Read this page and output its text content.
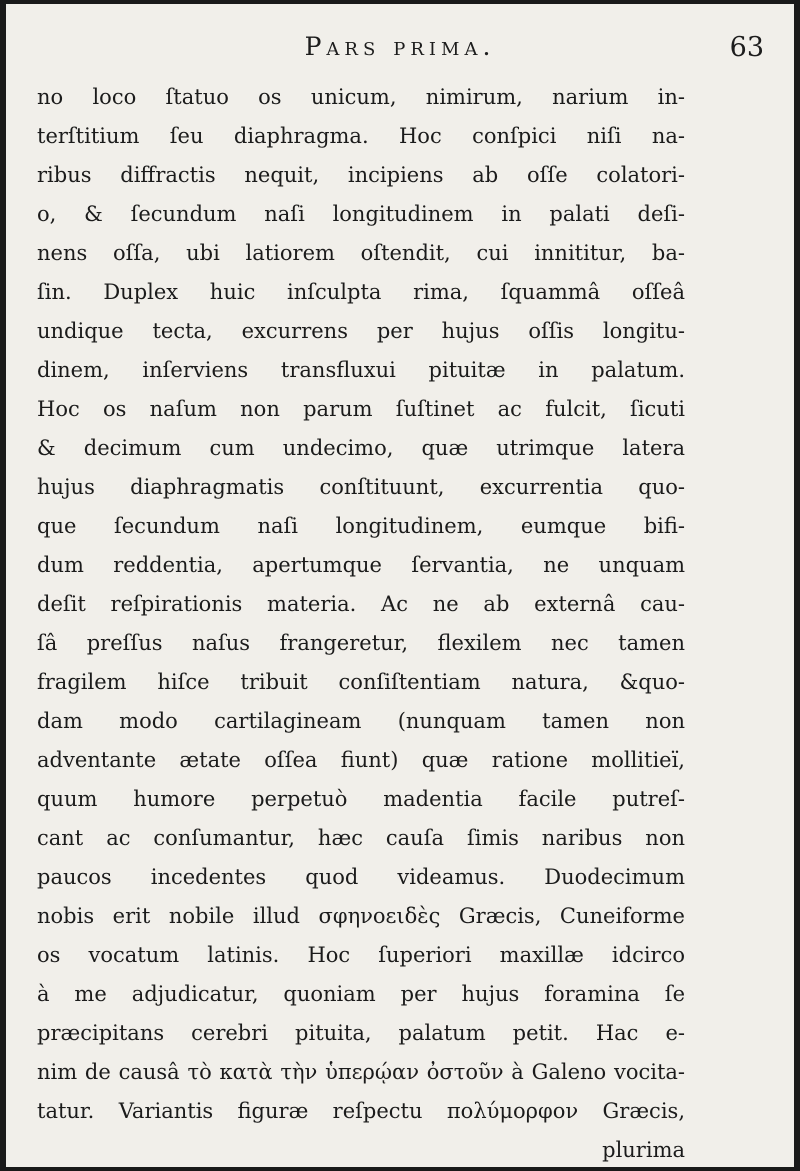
Pars prima.	63
no loco ſtatuo os unicum, nimirum, narium in-
terſtitium ſeu diaphragma. Hoc conſpici niſi na-
ribus diffractis nequit, incipiens ab oſſe colatori-
o, & ſecundum naſi longitudinem in palati deſi-
nens oſſa, ubi latiorem oſtendit, cui innititur, ba-
ſin. Duplex huic inſculpta rima, ſquammâ oſſeâ
undique tecta, excurrens per hujus oſſis longitu-
dinem, inſerviens transfluxui pituitæ in palatum.
Hoc os naſum non parum ſuſtinet ac fulcit, ſicuti
& decimum cum undecimo, quæ utrimque latera
hujus diaphragmatis conſtituunt, excurrentia quo-
que ſecundum naſi longitudinem, eumque bifi-
dum reddentia, apertumque ſervantia, ne unquam
deſit reſpirationis materia. Ac ne ab externâ cau-
ſâ preſſus naſus frangeretur, flexilem nec tamen
fragilem hiſce tribuit conſiſtentiam natura, &quo-
dam modo cartilagineam (nunquam tamen non
adventante ætate oſſea fiunt) quæ ratione mollitieï,
quum humore perpetuò madentia facile putreſ-
cant ac conſumantur, hæc cauſa ſimis naribus non
paucos incedentes quod videamus. Duodecimum
nobis erit nobile illud σφηνοειδὲς Græcis, Cuneiforme
os vocatum latinis. Hoc ſuperiori maxillæ idcirco
à me adjudicatur, quoniam per hujus foramina ſe
præcipitans cerebri pituita, palatum petit. Hac e-
nim de causâ τὸ κατὰ τὴν ὑπερῴαν ὀστοῦν à Galeno vocita-
tatur. Variantis figuræ reſpectu πολύμορφον Græcis,
plurima
